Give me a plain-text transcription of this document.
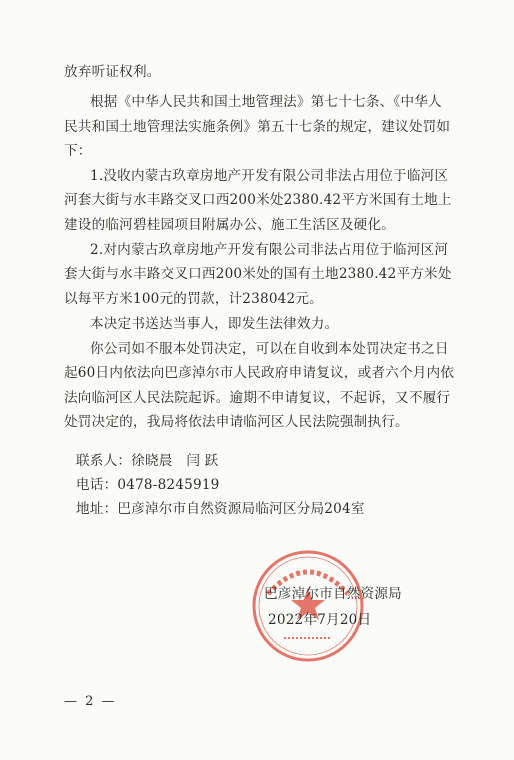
放弃听证权利。
根据《中华人民共和国土地管理法》第七十七条、《中华人
民共和国土地管理法实施条例》第五十七条的规定，建议处罚如
下：
1.没收内蒙古玖章房地产开发有限公司非法占用位于临河区
河套大街与水丰路交叉口西200米处2380.42平方米国有土地上
建设的临河碧桂园项目附属办公、施工生活区及硬化。
2.对内蒙古玖章房地产开发有限公司非法占用位于临河区河
套大街与水丰路交叉口西200米处的国有土地2380.42平方米处
以每平方米100元的罚款，计238042元。
本决定书送达当事人，即发生法律效力。
你公司如不服本处罚决定，可以在自收到本处罚决定书之日
起60日内依法向巴彦淖尔市人民政府申请复议，或者六个月内依
法向临河区人民法院起诉。逾期不申请复议，不起诉，又不履行
处罚决定的，我局将依法申请临河区人民法院强制执行。
联系人：徐晓晨　闫 跃
电话：0478-8245919
地址：巴彦淖尔市自然资源局临河区分局204室
巴彦淖尔市自然资源局
2022年7月20日
— 2 —
